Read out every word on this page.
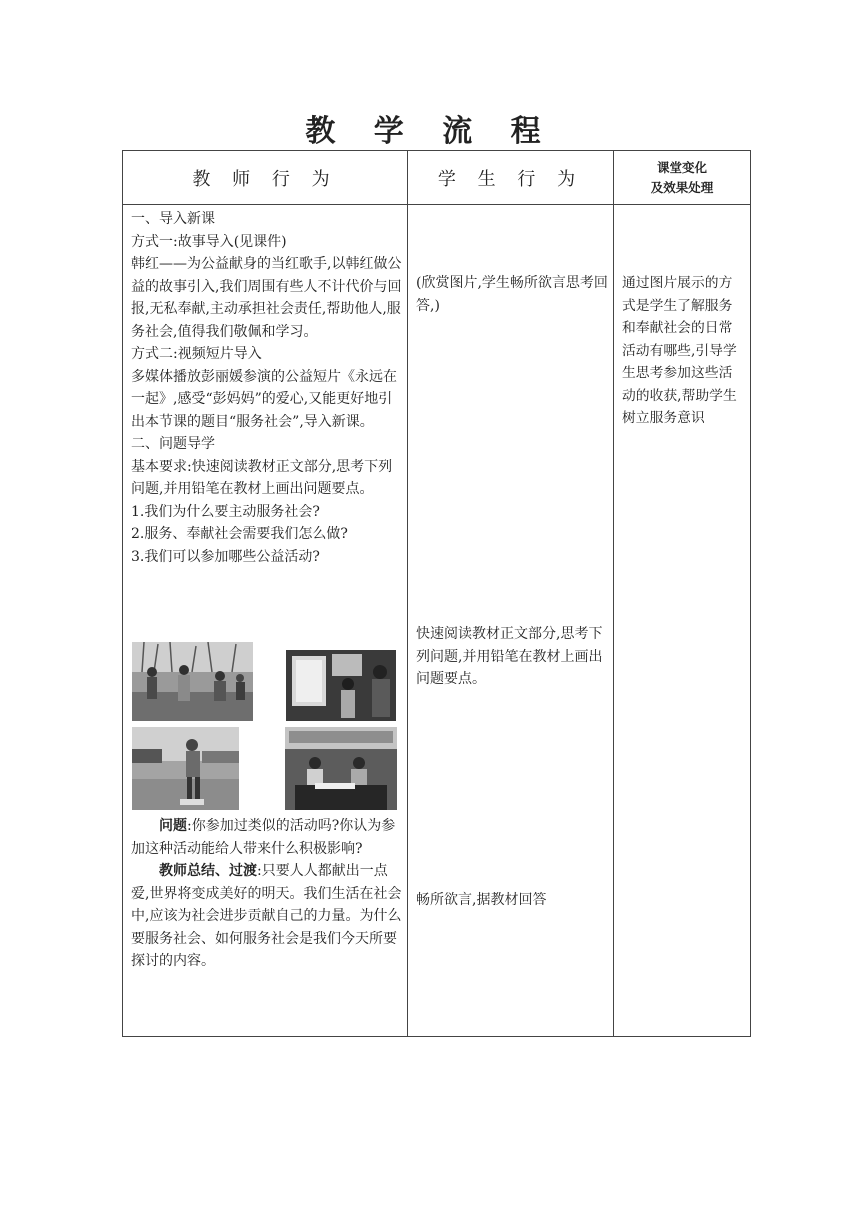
教 学 流 程
教 师 行 为	学 生 行 为
课堂变化
及效果处理

一、导入新课

方式一:故事导入(见课件)

韩红——为公益献身的当红歌手,以韩红做公益的故事引入,我们周围有些人不计代价与回报,无私奉献,主动承担社会责任,帮助他人,服务社会,值得我们敬佩和学习。

方式二:视频短片导入

多媒体播放彭丽媛参演的公益短片《永远在一起》,感受“彭妈妈”的爱心,又能更好地引出本节课的题目“服务社会”,导入新课。

二、问题导学

基本要求:快速阅读教材正文部分,思考下列问题,并用铅笔在教材上画出问题要点。

1.我们为什么要主动服务社会?

2.服务、奉献社会需要我们怎么做?

3.我们可以参加哪些公益活动?

问题:你参加过类似的活动吗?你认为参加这种活动能给人带来什么积极影响?

教师总结、过渡:只要人人都献出一点爱,世界将变成美好的明天。我们生活在社会中,应该为社会进步贡献自己的力量。为什么要服务社会、如何服务社会是我们今天所要探讨的内容。

(欣赏图片,学生畅所欲言思考回答,)
快速阅读教材正文部分,思考下列问题,并用铅笔在教材上画出问题要点。
畅所欲言,据教材回答
通过图片展示的方式是学生了解服务和奉献社会的日常活动有哪些,引导学生思考参加这些活动的收获,帮助学生树立服务意识
